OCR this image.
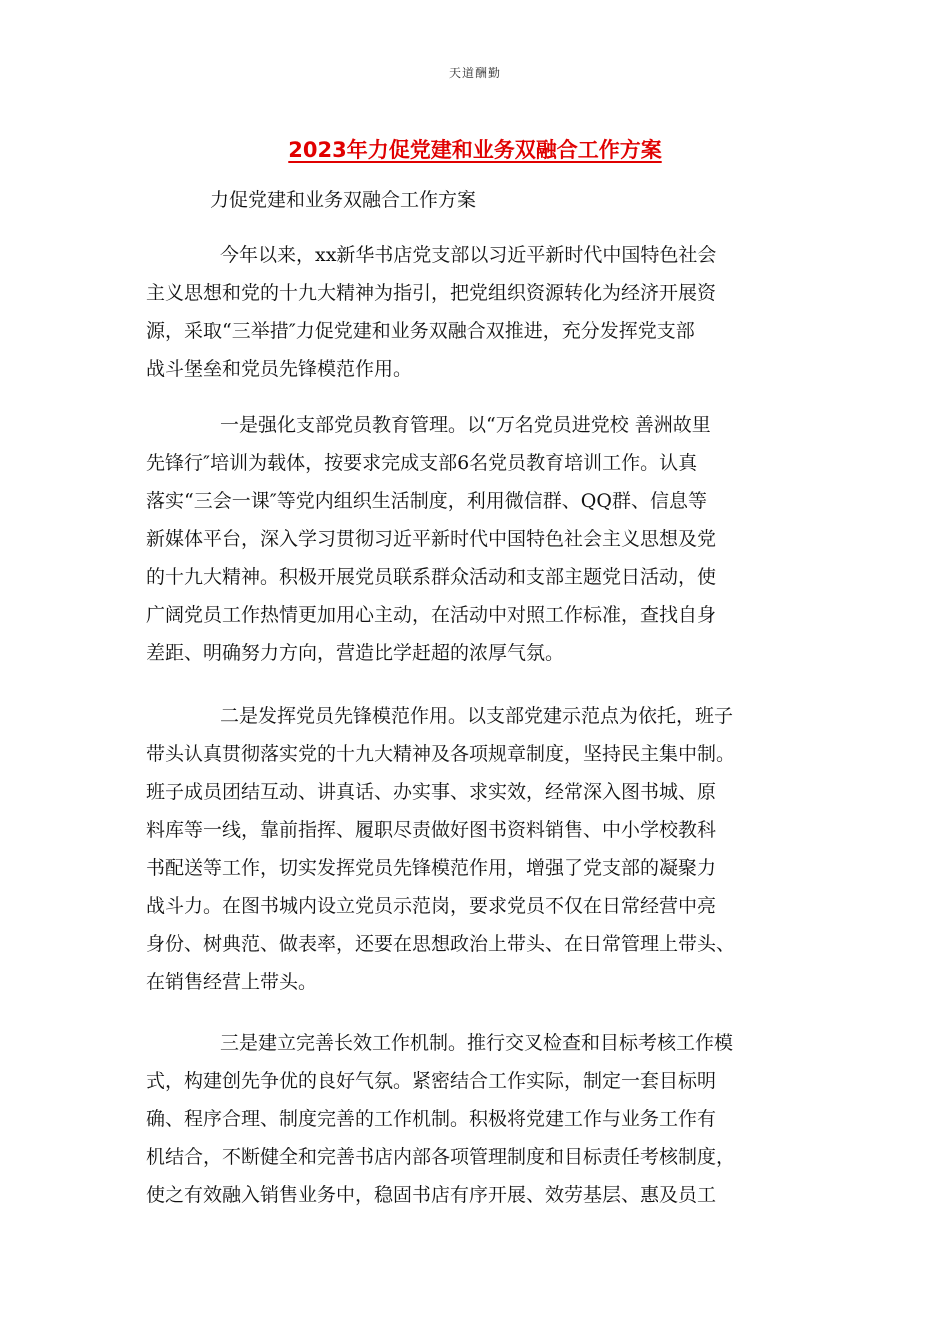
天道酬勤
2023年力促党建和业务双融合工作方案
力促党建和业务双融合工作方案
今年以来，xx新华书店党支部以习近平新时代中国特色社会
主义思想和党的十九大精神为指引，把党组织资源转化为经济开展资
源，采取“三举措″力促党建和业务双融合双推进，充分发挥党支部
战斗堡垒和党员先锋模范作用。
一是强化支部党员教育管理。以“万名党员进党校 善洲故里
先锋行″培训为载体，按要求完成支部6名党员教育培训工作。认真
落实“三会一课″等党内组织生活制度，利用微信群、QQ群、信息等
新媒体平台，深入学习贯彻习近平新时代中国特色社会主义思想及党
的十九大精神。积极开展党员联系群众活动和支部主题党日活动，使
广阔党员工作热情更加用心主动，在活动中对照工作标准，查找自身
差距、明确努力方向，营造比学赶超的浓厚气氛。
二是发挥党员先锋模范作用。以支部党建示范点为依托，班子
带头认真贯彻落实党的十九大精神及各项规章制度，坚持民主集中制。
班子成员团结互动、讲真话、办实事、求实效，经常深入图书城、原
料库等一线，靠前指挥、履职尽责做好图书资料销售、中小学校教科
书配送等工作，切实发挥党员先锋模范作用，增强了党支部的凝聚力
战斗力。在图书城内设立党员示范岗，要求党员不仅在日常经营中亮
身份、树典范、做表率，还要在思想政治上带头、在日常管理上带头、
在销售经营上带头。
三是建立完善长效工作机制。推行交叉检查和目标考核工作模
式，构建创先争优的良好气氛。紧密结合工作实际，制定一套目标明
确、程序合理、制度完善的工作机制。积极将党建工作与业务工作有
机结合，不断健全和完善书店内部各项管理制度和目标责任考核制度，
使之有效融入销售业务中，稳固书店有序开展、效劳基层、惠及员工
